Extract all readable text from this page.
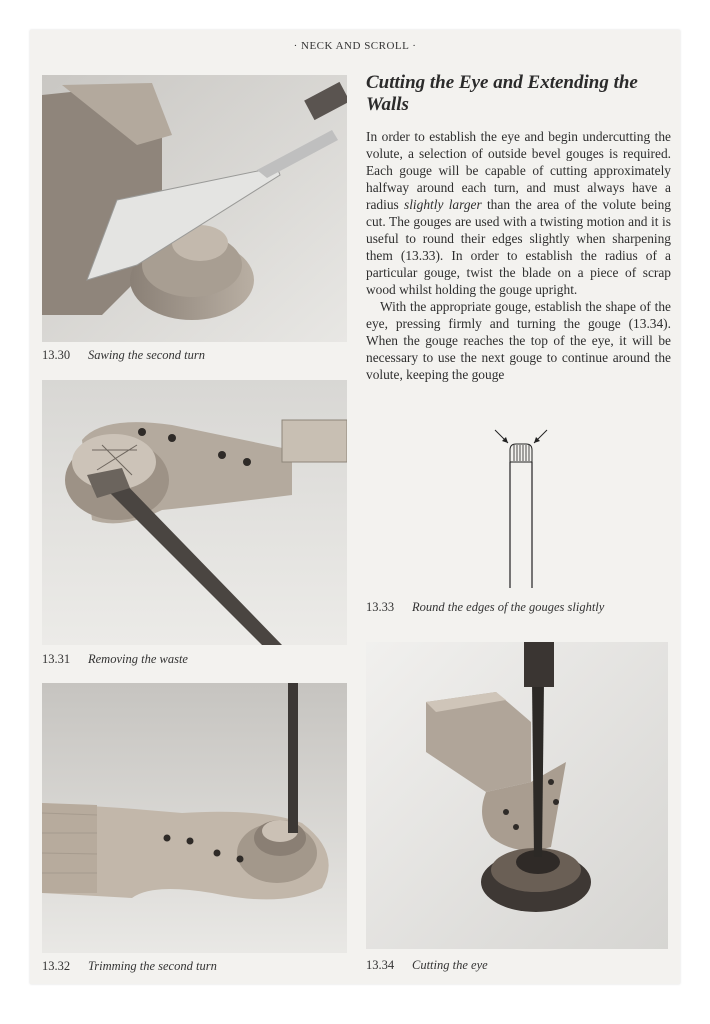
· NECK AND SCROLL ·
13.30 Sawing the second turn
13.31 Removing the waste
13.32 Trimming the second turn
Cutting the Eye and Extending the Walls

In order to establish the eye and begin undercutting the volute, a selection of outside bevel gouges is required. Each gouge will be capable of cutting approximately halfway around each turn, and must always have a radius slightly larger than the area of the volute being cut. The gouges are used with a twisting motion and it is useful to round their edges slightly when sharpening them (13.33). In order to establish the radius of a particular gouge, twist the blade on a piece of scrap wood whilst holding the gouge upright.

With the appropriate gouge, establish the shape of the eye, pressing firmly and turning the gouge (13.34). When the gouge reaches the top of the eye, it will be necessary to use the next gouge to continue around the volute, keeping the gouge

13.33 Round the edges of the gouges slightly
13.34 Cutting the eye
